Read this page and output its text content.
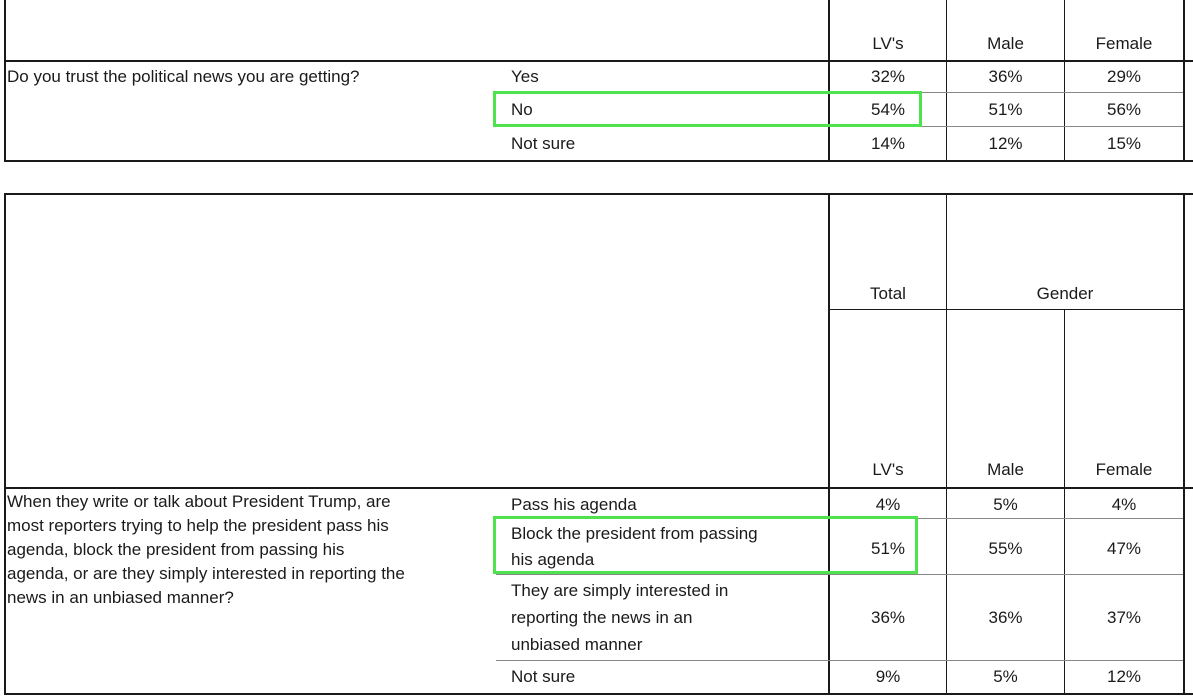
LV's	Male	Female
Do you trust the political news you are getting?	Yes	32%	36%	29%
No	54%	51%	56%
Not sure	14%	12%	15%
Total	Gender
LV's	Male	Female
When they write or talk about President Trump, are
most reporters trying to help the president pass his
agenda, block the president from passing his
agenda, or are they simply interested in reporting the
news in an unbiased manner?
Pass his agenda	4%	5%	4%
Block the president from passing
his agenda
51%	55%	47%
They are simply interested in
reporting the news in an
unbiased manner
36%	36%	37%
Not sure	9%	5%	12%
